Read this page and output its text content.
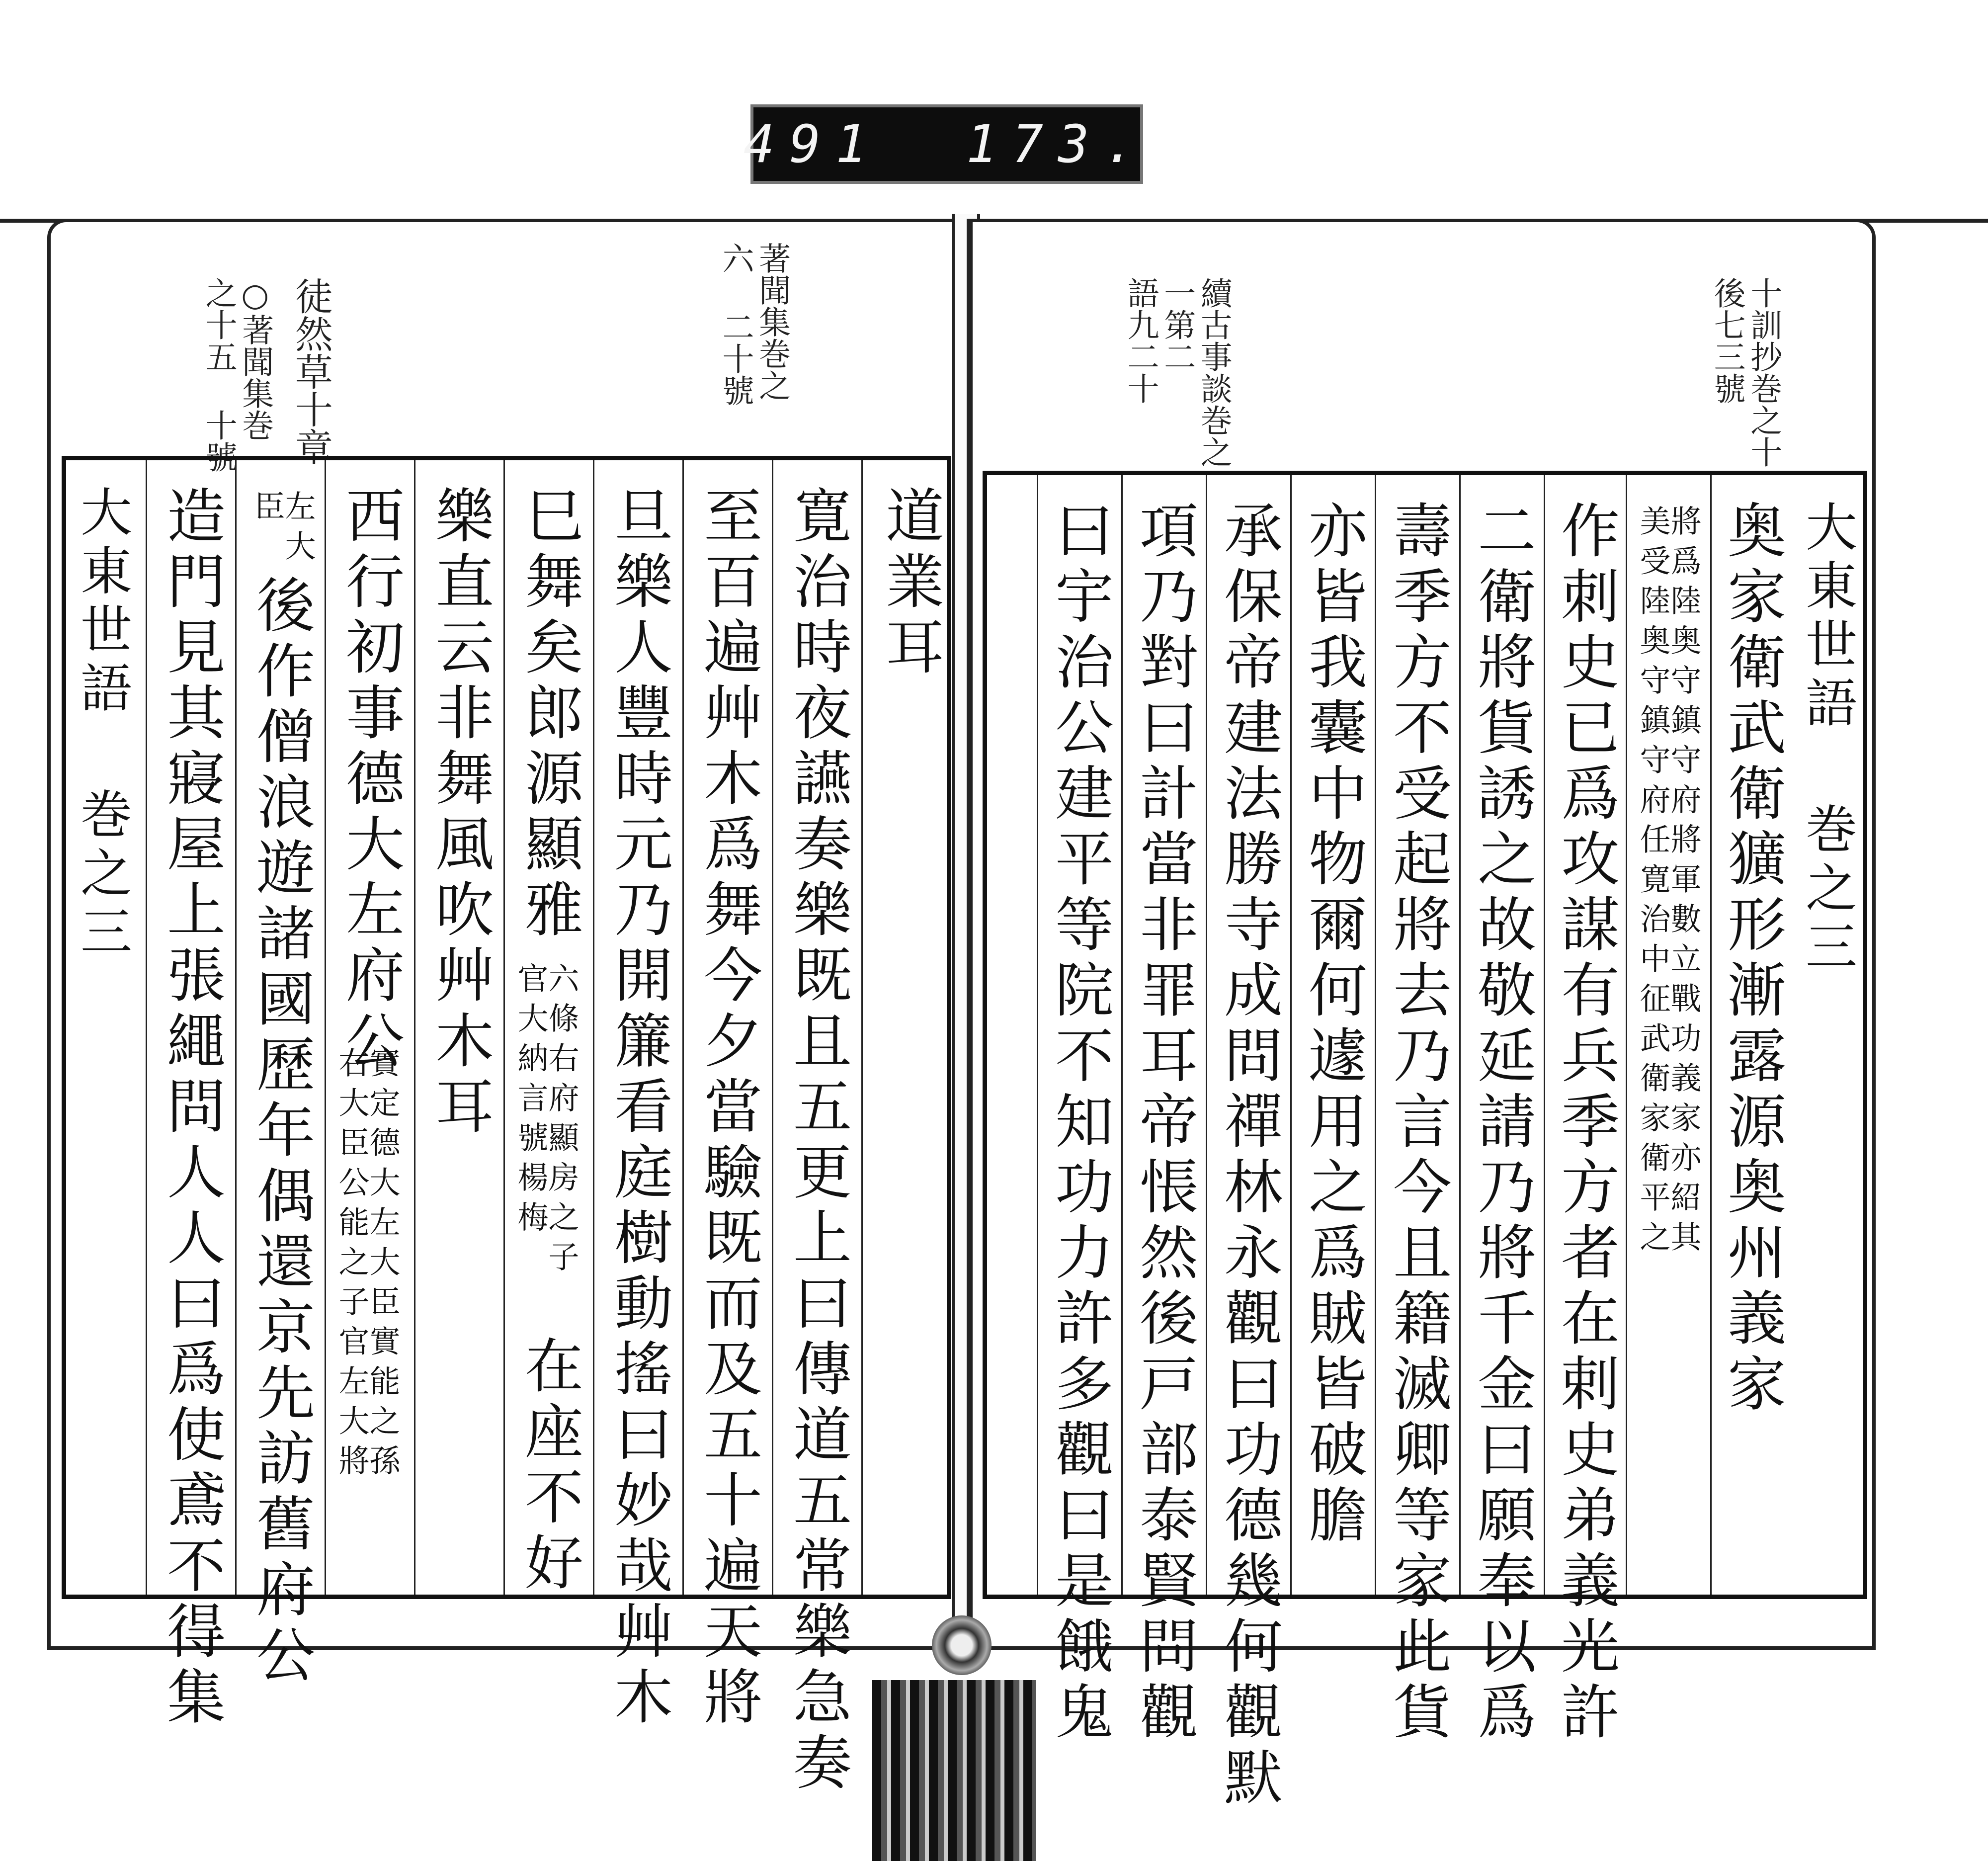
491 173.
著聞集巻之
六 二十號
徒然草十章
○著聞集巻
之十五 十號
道業耳
寛治時夜讌奏樂既且五更上曰傳道五常樂急奏
至百遍艸木爲舞今夕當驗既而及五十遍天將
旦樂人豐時元乃開簾看庭樹動搖曰妙哉艸木
巳舞矣郎源顯雅
六條右府顯房之子
官大納言號楊梅
在座不好
樂直云非舞風吹艸木耳
西行初事德大左府公
實定德大左大臣實能之孫
右大臣公能之子官左大將
左大
臣
後作僧浪遊諸國歷年偶還京先訪舊府公
造門見其寢屋上張繩問人人曰爲使鳶不得集
大東世語 巻之三
十訓抄巻之十
後七三號
續古事談巻之
一第二
語九二十
大東世語 巻之三
奥家衛武衛獷形漸露源奥州義家
將爲陸奥守鎮守府將軍數立戰功義家亦紹其
美受陸奥守鎮守府任寛治中征武衛家衛平之
作刺史已爲攻謀有兵季方者在剌史弟義光許
二衛將貨誘之故敬延請乃將千金曰願奉以爲
壽季方不受起將去乃言今且籍滅卿等家此貨
亦皆我囊中物爾何遽用之爲賊皆破膽
承保帝建法勝寺成問禪林永觀曰功德幾何觀默
項乃對曰計當非罪耳帝悵然後戸部泰賢問觀
曰宇治公建平等院不知功力許多觀曰是餓鬼
